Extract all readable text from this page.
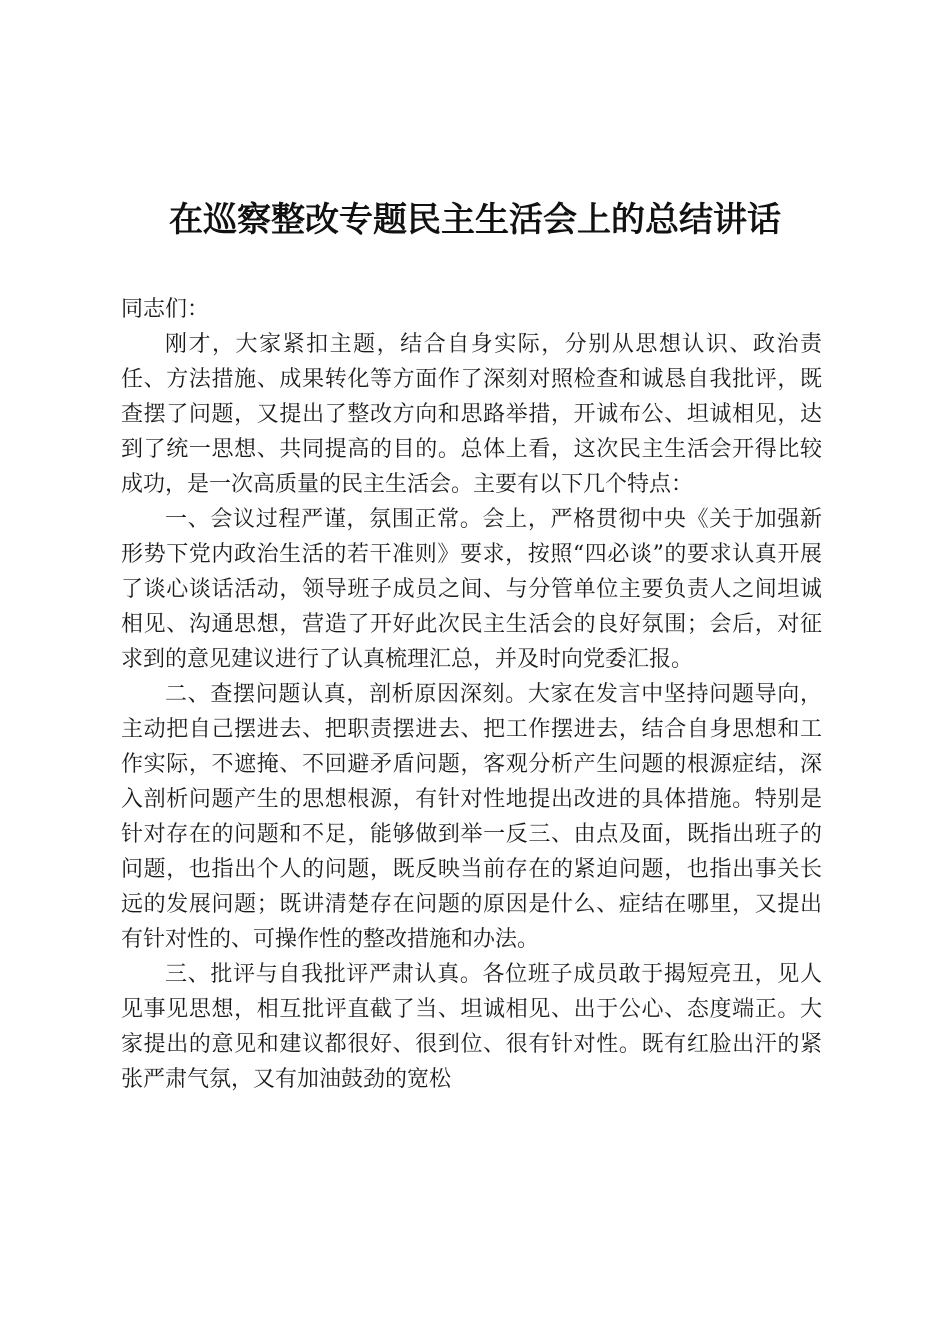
在巡察整改专题民主生活会上的总结讲话

同志们：

刚才，大家紧扣主题，结合自身实际，分别从思想认识、政治责任、方法措施、成果转化等方面作了深刻对照检查和诚恳自我批评，既查摆了问题，又提出了整改方向和思路举措，开诚布公、坦诚相见，达到了统一思想、共同提高的目的。总体上看，这次民主生活会开得比较成功，是一次高质量的民主生活会。主要有以下几个特点：

一、会议过程严谨，氛围正常。会上，严格贯彻中央《关于加强新形势下党内政治生活的若干准则》要求，按照“四必谈”的要求认真开展了谈心谈话活动，领导班子成员之间、与分管单位主要负责人之间坦诚相见、沟通思想，营造了开好此次民主生活会的良好氛围；会后，对征求到的意见建议进行了认真梳理汇总，并及时向党委汇报。

二、查摆问题认真，剖析原因深刻。大家在发言中坚持问题导向，主动把自己摆进去、把职责摆进去、把工作摆进去，结合自身思想和工作实际，不遮掩、不回避矛盾问题，客观分析产生问题的根源症结，深入剖析问题产生的思想根源，有针对性地提出改进的具体措施。特别是针对存在的问题和不足，能够做到举一反三、由点及面，既指出班子的问题，也指出个人的问题，既反映当前存在的紧迫问题，也指出事关长远的发展问题；既讲清楚存在问题的原因是什么、症结在哪里，又提出有针对性的、可操作性的整改措施和办法。

三、批评与自我批评严肃认真。各位班子成员敢于揭短亮丑，见人见事见思想，相互批评直截了当、坦诚相见、出于公心、态度端正。大家提出的意见和建议都很好、很到位、很有针对性。既有红脸出汗的紧张严肃气氛，又有加油鼓劲的宽松
